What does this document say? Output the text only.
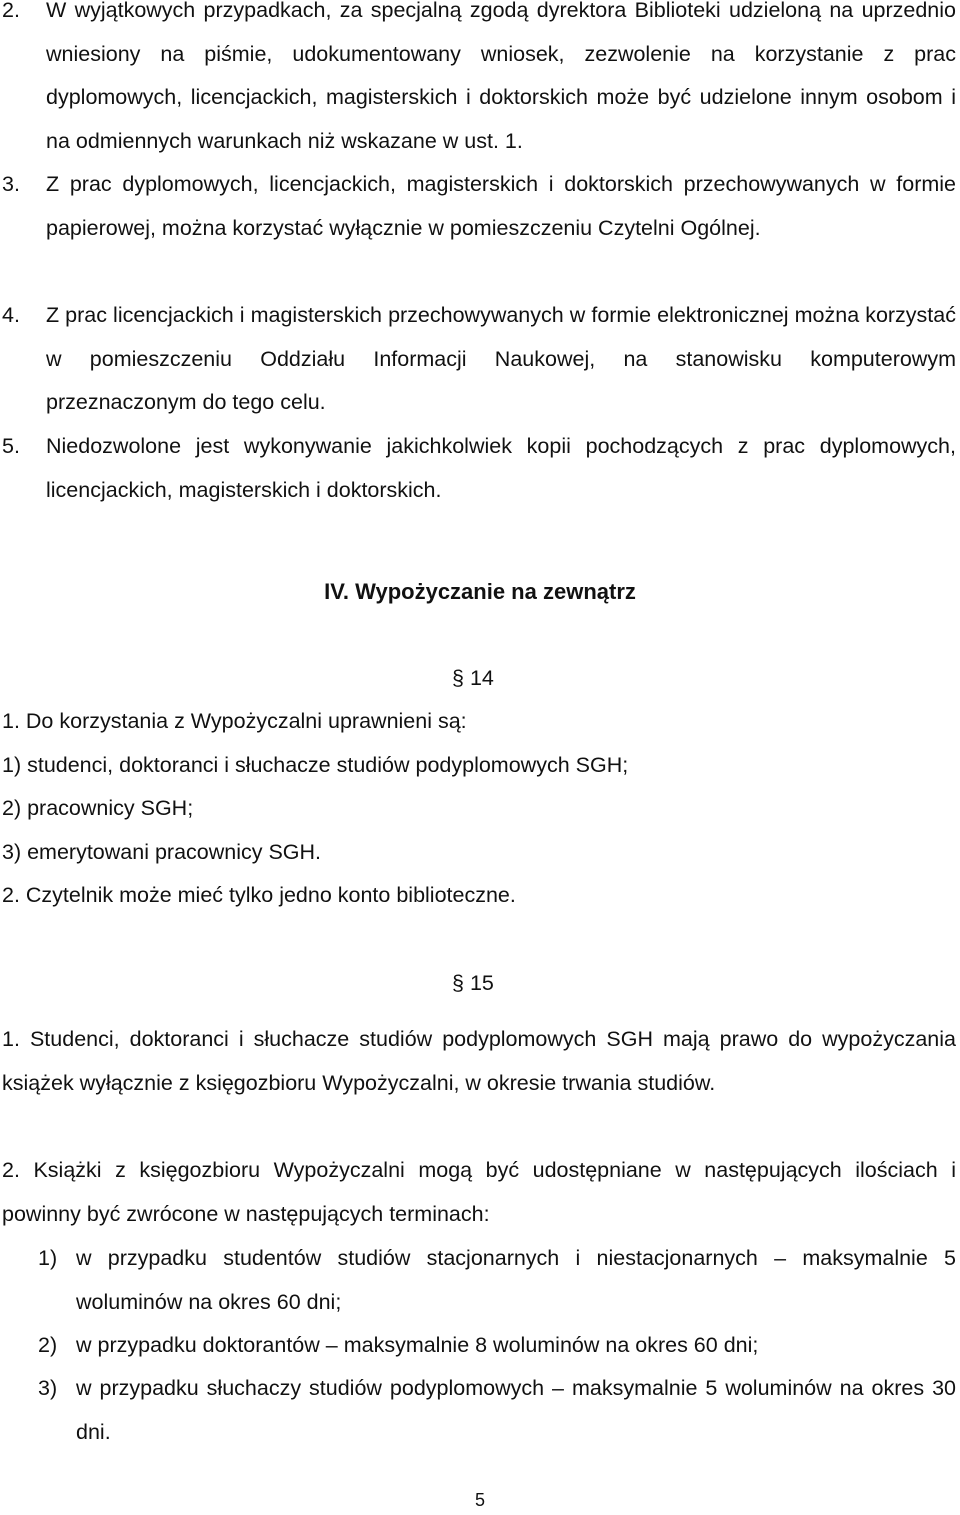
2.	W wyjątkowych przypadkach, za specjalną zgodą dyrektora Biblioteki udzieloną na uprzednio wniesiony na piśmie, udokumentowany wniosek, zezwolenie na korzystanie z prac dyplomowych, licencjackich, magisterskich i doktorskich może być udzielone innym osobom i na odmiennych warunkach niż wskazane w ust. 1.
3.	Z prac dyplomowych, licencjackich, magisterskich i doktorskich przechowywanych w formie papierowej, można korzystać wyłącznie w pomieszczeniu Czytelni Ogólnej.
4.	Z prac licencjackich i magisterskich przechowywanych w formie elektronicznej można korzystać w pomieszczeniu Oddziału Informacji Naukowej, na stanowisku komputerowym przeznaczonym do tego celu.
5.	Niedozwolone jest wykonywanie jakichkolwiek kopii pochodzących z prac dyplomowych, licencjackich, magisterskich i doktorskich.
IV. Wypożyczanie na zewnątrz
§ 14
1. Do korzystania z Wypożyczalni uprawnieni są:
1) studenci, doktoranci i słuchacze studiów podyplomowych SGH;
2) pracownicy SGH;
3) emerytowani pracownicy SGH.
2. Czytelnik może mieć tylko jedno konto biblioteczne.
§ 15
1. Studenci, doktoranci i słuchacze studiów podyplomowych SGH mają prawo do wypożyczania książek wyłącznie z księgozbioru Wypożyczalni, w okresie trwania studiów.
2. Książki z księgozbioru Wypożyczalni mogą być udostępniane w następujących ilościach i powinny być zwrócone w następujących terminach:
1) w przypadku studentów studiów stacjonarnych i niestacjonarnych – maksymalnie 5 woluminów na okres 60 dni;
2) w przypadku doktorantów – maksymalnie 8 woluminów na okres 60 dni;
3) w przypadku słuchaczy studiów podyplomowych – maksymalnie 5 woluminów na okres 30 dni.
5
